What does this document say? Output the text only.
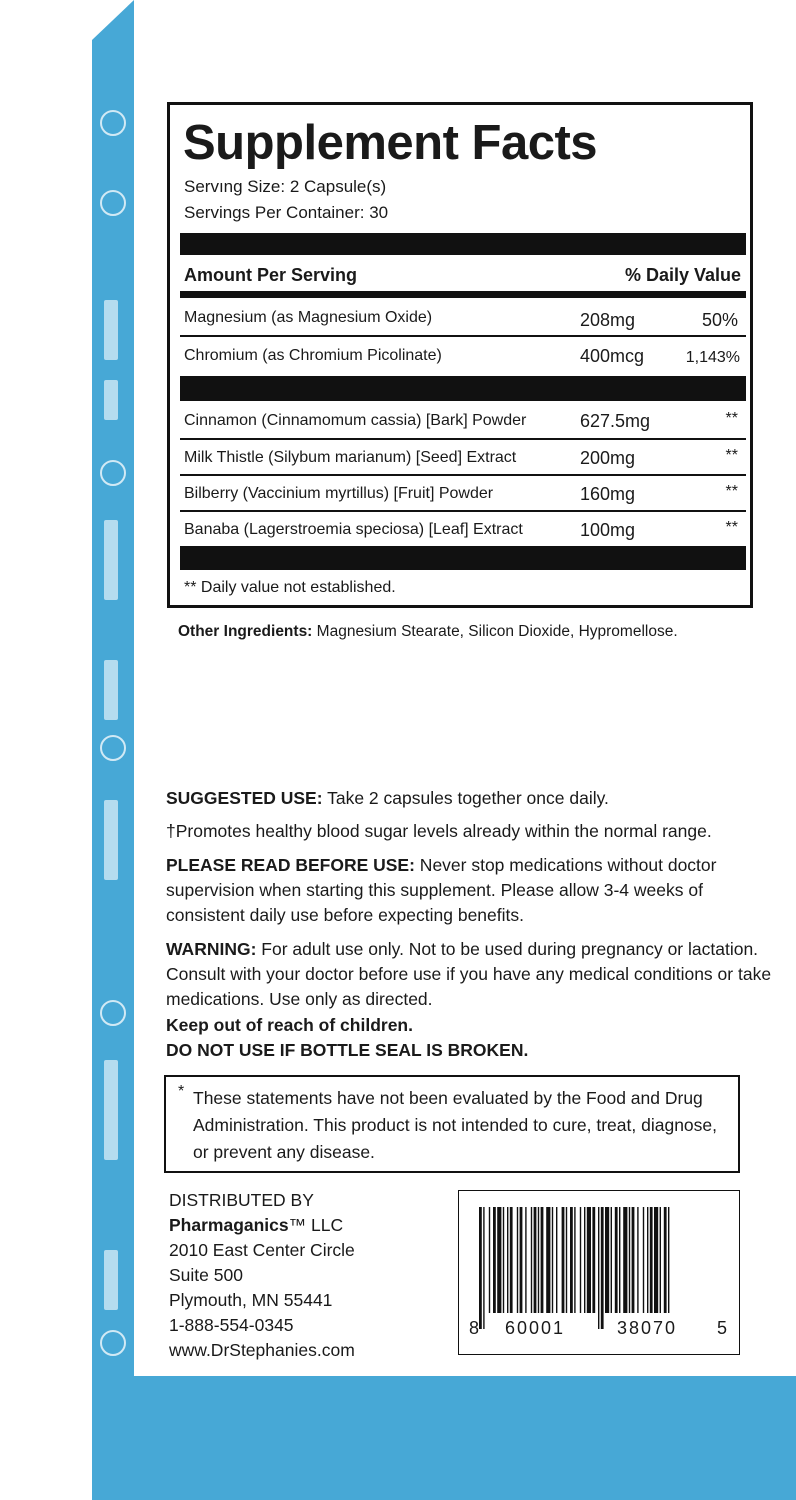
Supplement Facts
Servıng Size: 2 Capsule(s)
Servings Per Container: 30
Amount Per Serving	% Daily Value
Magnesium (as Magnesium Oxide)	208mg	50%
Chromium (as Chromium Picolinate)	400mcg	1,143%
Cinnamon (Cinnamomum cassia) [Bark] Powder	627.5mg	**
Milk Thistle (Silybum marianum) [Seed] Extract	200mg	**
Bilberry (Vaccinium myrtillus) [Fruit] Powder	160mg	**
Banaba (Lagerstroemia speciosa) [Leaf] Extract	100mg	**
** Daily value not established.
Other Ingredients: Magnesium Stearate, Silicon Dioxide, Hypromellose.
SUGGESTED USE: Take 2 capsules together once daily.
†Promotes healthy blood sugar levels already within the normal range.
PLEASE READ BEFORE USE: Never stop medications without doctor supervision when starting this supplement. Please allow 3-4 weeks of consistent daily use before expecting benefits.
WARNING: For adult use only. Not to be used during pregnancy or lactation. Consult with your doctor before use if you have any medical conditions or take medications. Use only as directed.
Keep out of reach of children.
DO NOT USE IF BOTTLE SEAL IS BROKEN.
* These statements have not been evaluated by the Food and Drug Administration. This product is not intended to cure, treat, diagnose, or prevent any disease.
DISTRIBUTED BY
Pharmaganics™ LLC
2010 East Center Circle
Suite 500
Plymouth, MN 55441
1-888-554-0345
www.DrStephanies.com
8 60001	38070 5
